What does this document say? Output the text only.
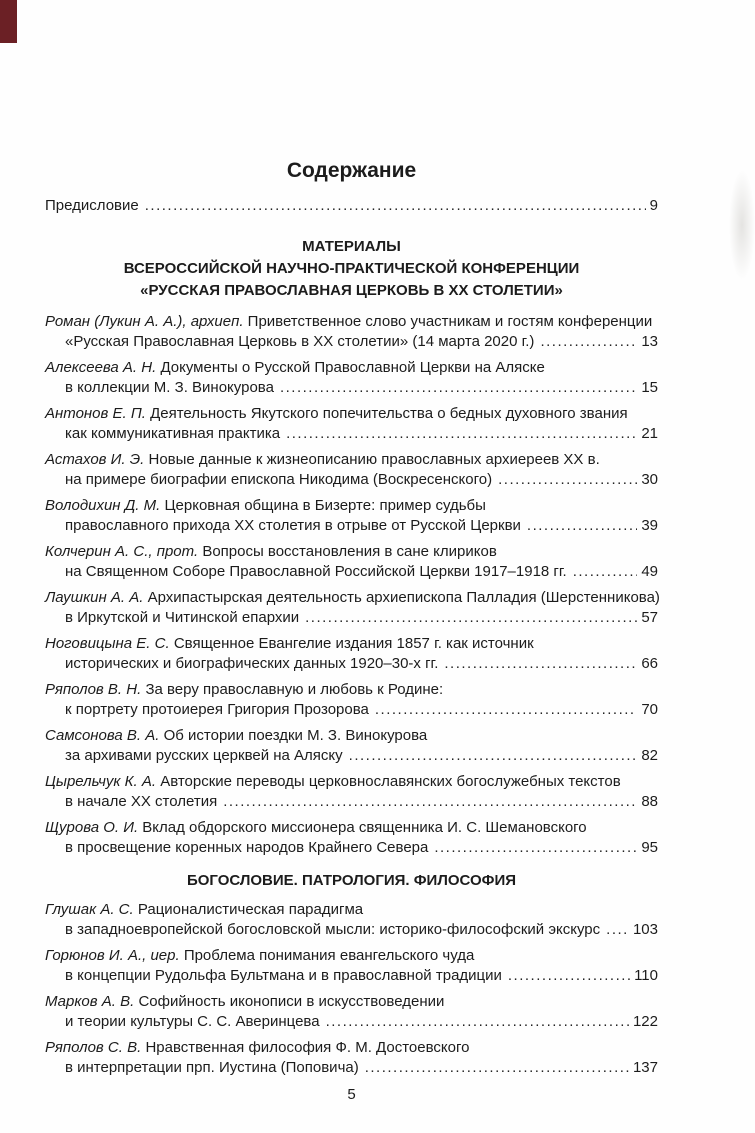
Содержание
Предисловие .....	9
МАТЕРИАЛЫ
ВСЕРОССИЙСКОЙ НАУЧНО-ПРАКТИЧЕСКОЙ КОНФЕРЕНЦИИ
«РУССКАЯ ПРАВОСЛАВНАЯ ЦЕРКОВЬ В XX СТОЛЕТИИ»
Роман (Лукин А. А.), архиеп. Приветственное слово участникам и гостям конференции
«Русская Православная Церковь в XX столетии» (14 марта 2020 г.) .....	13
Алексеева А. Н. Документы о Русской Православной Церкви на Аляске
в коллекции М. З. Винокурова .....	15
Антонов Е. П. Деятельность Якутского попечительства о бедных духовного звания
как коммуникативная практика .....	21
Астахов И. Э. Новые данные к жизнеописанию православных архиереев XX в.
на примере биографии епископа Никодима (Воскресенского) .....	30
Володихин Д. М. Церковная община в Бизерте: пример судьбы
православного прихода XX столетия в отрыве от Русской Церкви .....	39
Колчерин А. С., прот. Вопросы восстановления в сане клириков
на Священном Соборе Православной Российской Церкви 1917–1918 гг. .....	49
Лаушкин А. А. Архипастырская деятельность архиепископа Палладия (Шерстенникова)
в Иркутской и Читинской епархии .....	57
Ноговицына Е. С. Священное Евангелие издания 1857 г. как источник
исторических и биографических данных 1920–30-х гг. .....	66
Ряполов В. Н. За веру православную и любовь к Родине:
к портрету протоиерея Григория Прозорова .....	70
Самсонова В. А. Об истории поездки М. З. Винокурова
за архивами русских церквей на Аляску .....	82
Цырельчук К. А. Авторские переводы церковнославянских богослужебных текстов
в начале XX столетия .....	88
Щурова О. И. Вклад обдорского миссионера священника И. С. Шемановского
в просвещение коренных народов Крайнего Севера .....	95
БОГОСЛОВИЕ. ПАТРОЛОГИЯ. ФИЛОСОФИЯ
Глушак А. С. Рационалистическая парадигма
в западноевропейской богословской мысли: историко-философский экскурс ..... 103
Горюнов И. А., иер. Проблема понимания евангельского чуда
в концепции Рудольфа Бультмана и в православной традиции .....	110
Марков А. В. Софийность иконописи в искусствоведении
и теории культуры С. С. Аверинцева .....	122
Ряполов С. В. Нравственная философия Ф. М. Достоевского
в интерпретации прп. Иустина (Поповича) .....	137
5
